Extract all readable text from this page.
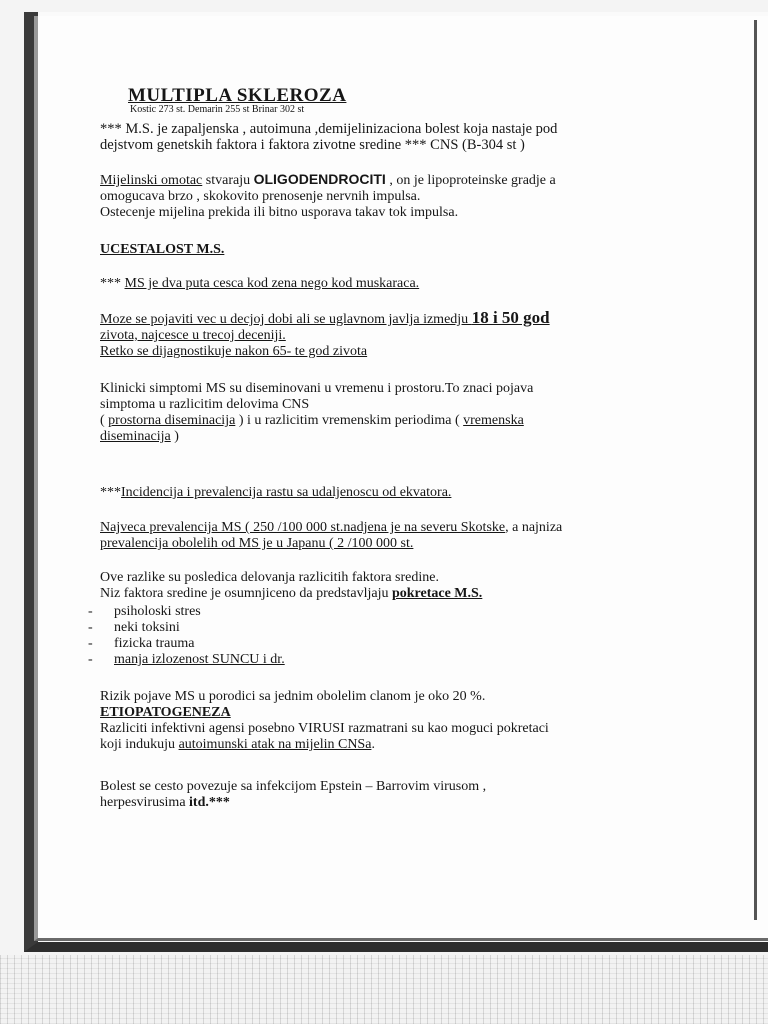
MULTIPLA SKLEROZA
Kostic 273 st. Demarin 255 st Brinar 302 st
*** M.S. je zapaljenska , autoimuna ,demijelinizaciona bolest koja nastaje pod
dejstvom genetskih faktora i faktora zivotne sredine *** CNS (B-304 st )
Mijelinski omotac stvaraju OLIGODENDROCITI , on je lipoproteinske gradje a
omogucava brzo , skokovito prenosenje nervnih impulsa.
Ostecenje mijelina prekida ili bitno usporava takav tok impulsa.
UCESTALOST M.S.
*** MS je dva puta cesca kod zena nego kod muskaraca.
Moze se pojaviti vec u decjoj dobi ali se uglavnom javlja izmedju 18 i 50 god
zivota, najcesce u trecoj deceniji.
Retko se dijagnostikuje nakon 65- te god zivota
Klinicki simptomi MS su diseminovani u vremenu i prostoru.To znaci pojava
simptoma u razlicitim delovima CNS
( prostorna diseminacija ) i u razlicitim vremenskim periodima ( vremenska
diseminacija )
***Incidencija i prevalencija rastu sa udaljenoscu od ekvatora.
Najveca prevalencija MS ( 250 /100 000 st.nadjena je na severu Skotske, a najniza
prevalencija obolelih od MS je u Japanu ( 2 /100 000 st.
Ove razlike su posledica delovanja razlicitih faktora sredine.
Niz faktora sredine je osumnjiceno da predstavljaju pokretace M.S.
- psiholoski stres
- neki toksini
- fizicka trauma
- manja izlozenost SUNCU i dr.
Rizik pojave MS u porodici sa jednim obolelim clanom je oko 20 %.
ETIOPATOGENEZA
Razliciti infektivni agensi posebno VIRUSI razmatrani su kao moguci pokretaci
koji indukuju autoimunski atak na mijelin CNSa.
Bolest se cesto povezuje sa infekcijom Epstein – Barrovim virusom ,
herpesvirusima itd.***
